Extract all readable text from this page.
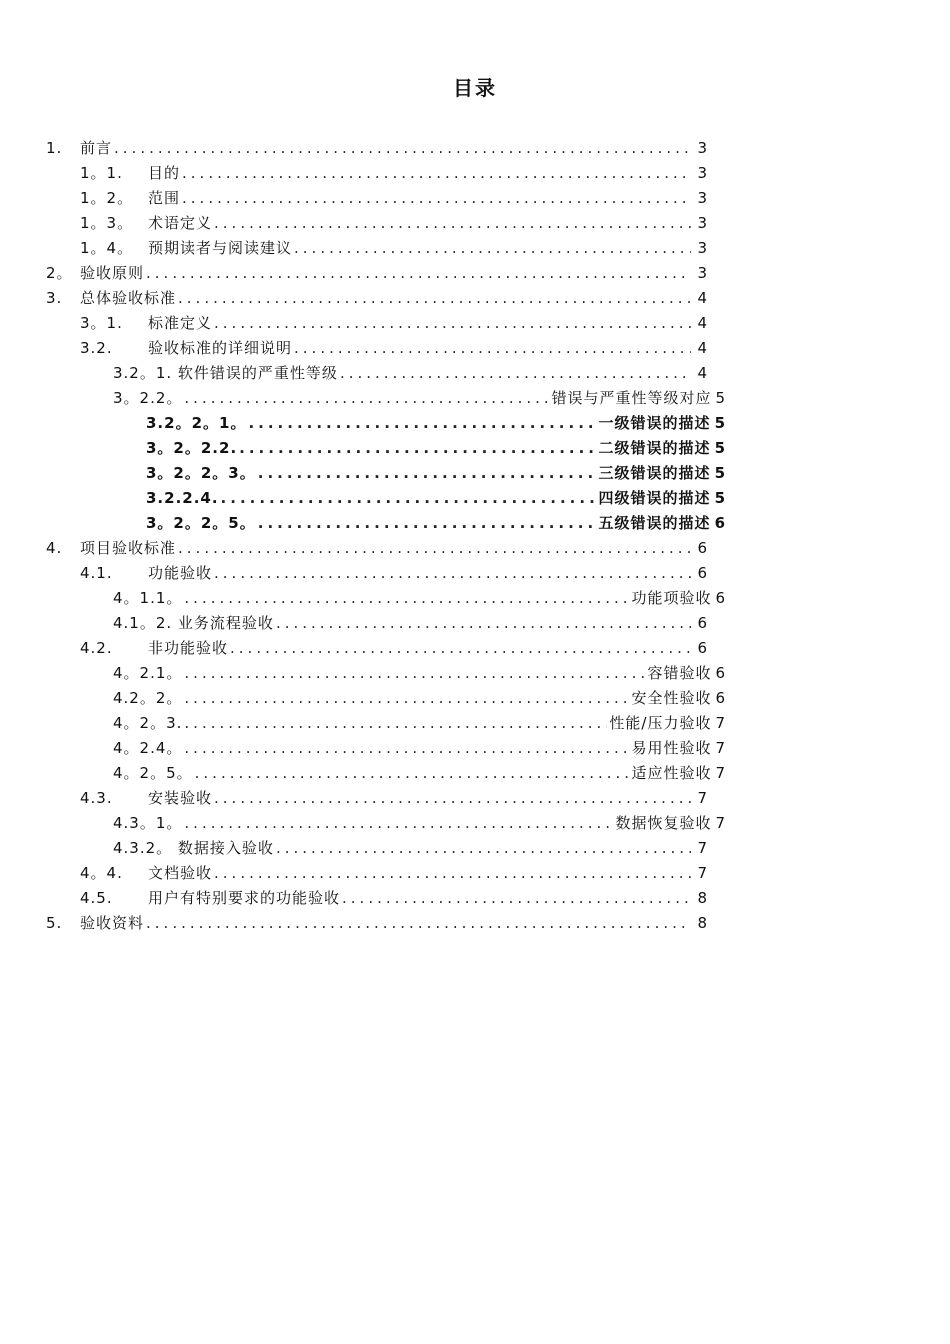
目录
1.	前言 .....	3
1。1.	目的 .....	3
1。2。 范围 .....	3
1。3。 术语定义 .....	3
1。4。 预期读者与阅读建议 .....	3
2。 验收原则 .....	3
3.	总体验收标准 .....	4
3。1.	标准定义 .....	4
3.2.	验收标准的详细说明 .....	4
3.2。1. 软件错误的严重性等级 .....	4
3。2.2。 .....	错误与严重性等级对应 5
3.2。2。1。 .....	一级错误的描述 5
3。2。2.2. .....	二级错误的描述 5
3。2。2。3。 .....	三级错误的描述 5
3.2.2.4. .....	四级错误的描述 5
3。2。2。5。 .....	五级错误的描述 6
4.	项目验收标准 .....	6
4.1.	功能验收 .....	6
4。1.1。 .....	功能项验收 6
4.1。2. 业务流程验收 .....	6
4.2.	非功能验收 .....	6
4。2.1。 .....	容错验收 6
4.2。2。 .....	安全性验收 6
4。2。3. .....	性能/压力验收 7
4。2.4。 .....	易用性验收 7
4。2。5。 .....	适应性验收 7
4.3.	安装验收 .....	7
4.3。1。 .....	数据恢复验收 7
4.3.2。 数据接入验收 .....	7
4。4.	文档验收 .....	7
4.5.	用户有特别要求的功能验收 .....	8
5.	验收资料 .....	8
